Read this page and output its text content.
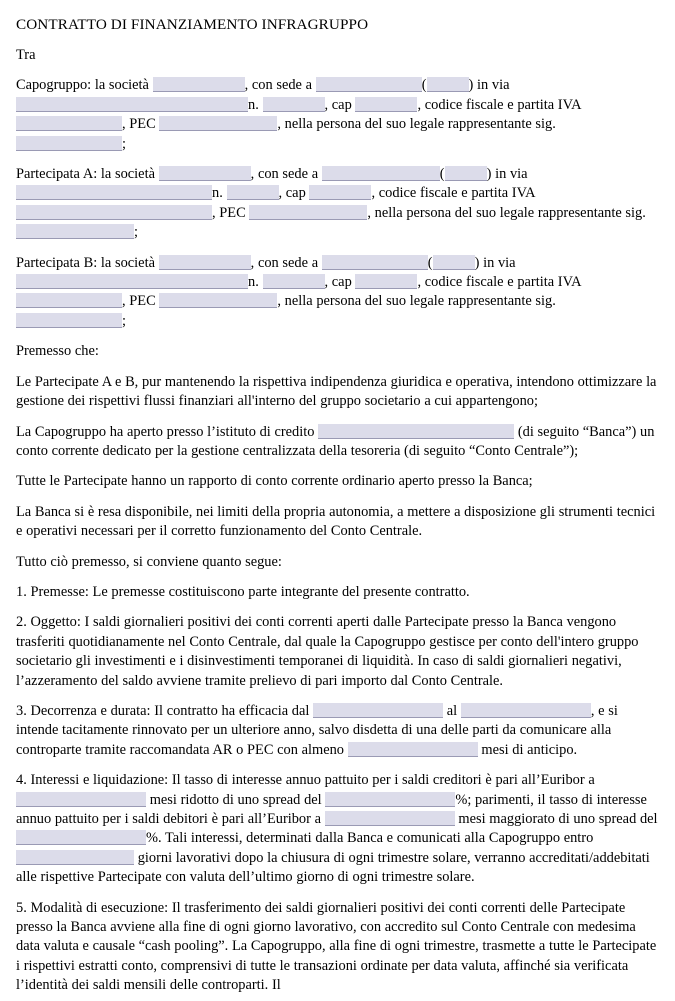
CONTRATTO DI FINANZIAMENTO INFRAGRUPPO

Tra

Capogruppo: la società	, con sede a	(	) in via n.	, cap	, codice fiscale e partita IVA , PEC	, nella persona del suo legale rappresentante sig. ;

Partecipata A: la società	, con sede a	(	) in via n.	, cap	, codice fiscale e partita IVA , PEC	, nella persona del suo legale rappresentante sig. ;

Partecipata B: la società	, con sede a	(	) in via n.	, cap	, codice fiscale e partita IVA , PEC	, nella persona del suo legale rappresentante sig. ;

Premesso che:

Le Partecipate A e B, pur mantenendo la rispettiva indipendenza giuridica e operativa, intendono ottimizzare la gestione dei rispettivi flussi finanziari all'interno del gruppo societario a cui appartengono;

La Capogruppo ha aperto presso l’istituto di credito	(di seguito “Banca”) un conto corrente dedicato per la gestione centralizzata della tesoreria (di seguito “Conto Centrale”);

Tutte le Partecipate hanno un rapporto di conto corrente ordinario aperto presso la Banca;

La Banca si è resa disponibile, nei limiti della propria autonomia, a mettere a disposizione gli strumenti tecnici e operativi necessari per il corretto funzionamento del Conto Centrale.

Tutto ciò premesso, si conviene quanto segue:

1. Premesse: Le premesse costituiscono parte integrante del presente contratto.

2. Oggetto: I saldi giornalieri positivi dei conti correnti aperti dalle Partecipate presso la Banca vengono trasferiti quotidianamente nel Conto Centrale, dal quale la Capogruppo gestisce per conto dell'intero gruppo societario gli investimenti e i disinvestimenti temporanei di liquidità. In caso di saldi giornalieri negativi, l’azzeramento del saldo avviene tramite prelievo di pari importo dal Conto Centrale.

3. Decorrenza e durata: Il contratto ha efficacia dal	al	, e si intende tacitamente rinnovato per un ulteriore anno, salvo disdetta di una delle parti da comunicare alla controparte tramite raccomandata AR o PEC con almeno	mesi di anticipo.

4. Interessi e liquidazione: Il tasso di interesse annuo pattuito per i saldi creditori è pari all’Euribor a  mesi ridotto di uno spread del	%; parimenti, il tasso di interesse annuo pattuito per i saldi debitori è pari all’Euribor a	mesi maggiorato di uno spread del %. Tali interessi, determinati dalla Banca e comunicati alla Capogruppo entro  giorni lavorativi dopo la chiusura di ogni trimestre solare, verranno accreditati/addebitati alle rispettive Partecipate con valuta dell’ultimo giorno di ogni trimestre solare.

5. Modalità di esecuzione: Il trasferimento dei saldi giornalieri positivi dei conti correnti delle Partecipate presso la Banca avviene alla fine di ogni giorno lavorativo, con accredito sul Conto Centrale con medesima data valuta e causale “cash pooling”. La Capogruppo, alla fine di ogni trimestre, trasmette a tutte le Partecipate i rispettivi estratti conto, comprensivi di tutte le transazioni ordinate per data valuta, affinché sia verificata l’identità dei saldi mensili delle controparti. Il
